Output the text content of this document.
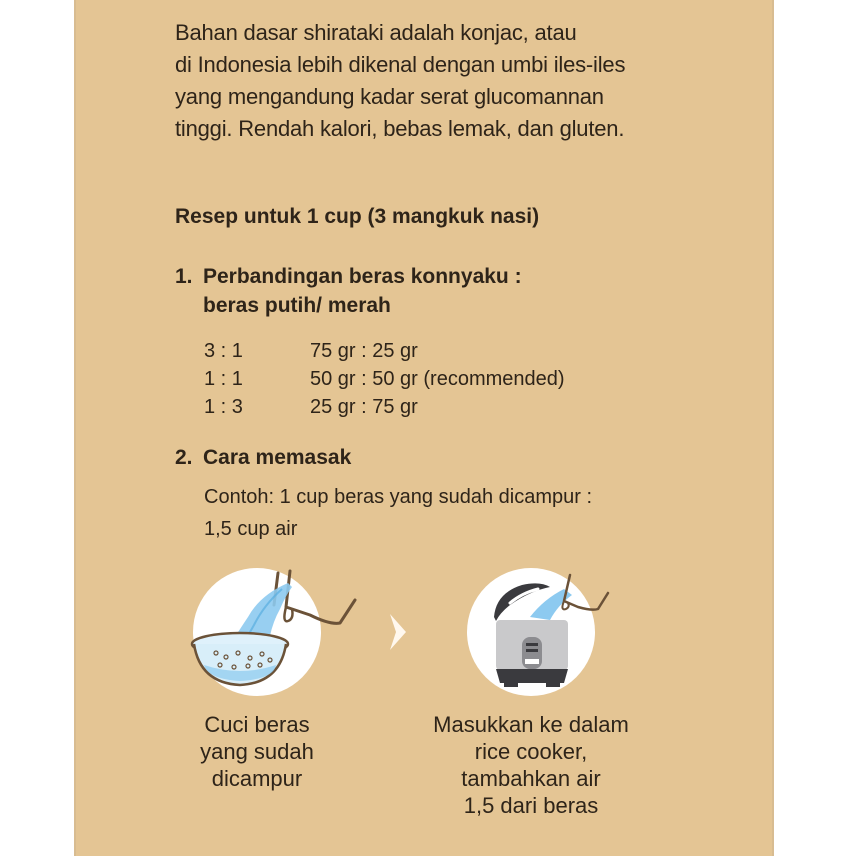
Bahan dasar shirataki adalah konjac, atau
di Indonesia lebih dikenal dengan umbi iles-iles
yang mengandung kadar serat glucomannan
tinggi. Rendah kalori, bebas lemak, dan gluten.
Resep untuk 1 cup (3 mangkuk nasi)
1. Perbandingan beras konnyaku :
beras putih/ merah
3 : 1	75 gr : 25 gr
1 : 1	50 gr : 50 gr (recommended)
1 : 3	25 gr : 75 gr
2. Cara memasak
Contoh: 1 cup beras yang sudah dicampur :
1,5 cup air
Cuci beras
yang sudah
dicampur
Masukkan ke dalam
rice cooker,
tambahkan air
1,5 dari beras
